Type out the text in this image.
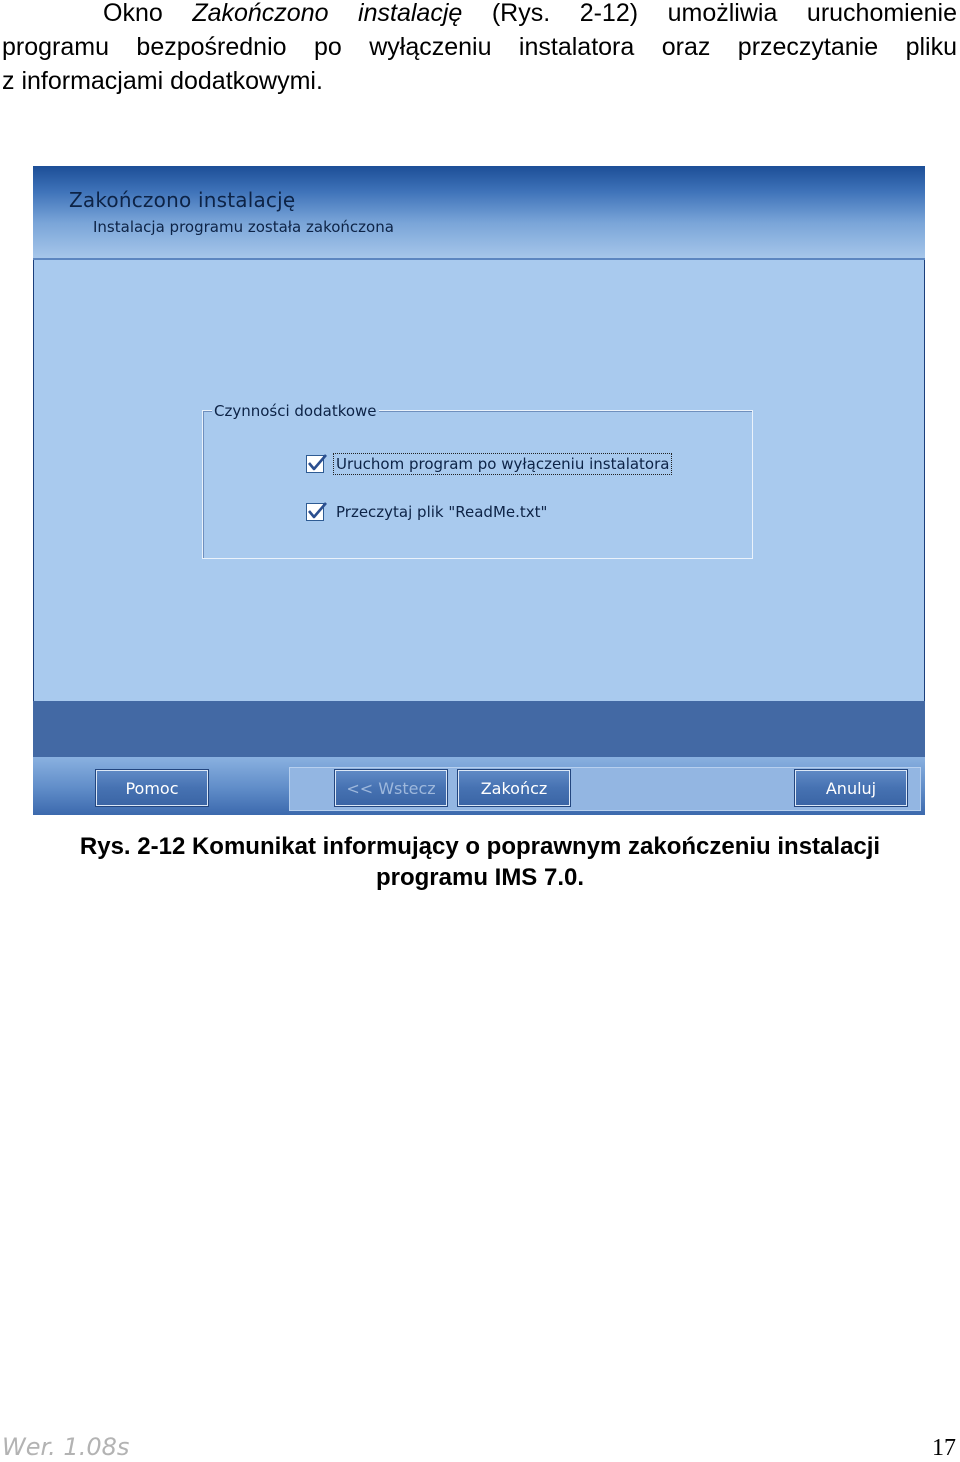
Okno Zakończono instalację (Rys. 2-12) umożliwia uruchomienie

programu bezpośrednio po wyłączeniu instalatora oraz przeczytanie pliku

z informacjami dodatkowymi.

Zakończono instalację
Instalacja programu została zakończona
Czynności dodatkowe
Uruchom program po wyłączeniu instalatora
Przeczytaj plik "ReadMe.txt"
Pomoc	<< Wstecz	Zakończ	Anuluj
Rys. 2-12 Komunikat informujący o poprawnym zakończeniu instalacji
programu IMS 7.0.
Wer. 1.08s	17
